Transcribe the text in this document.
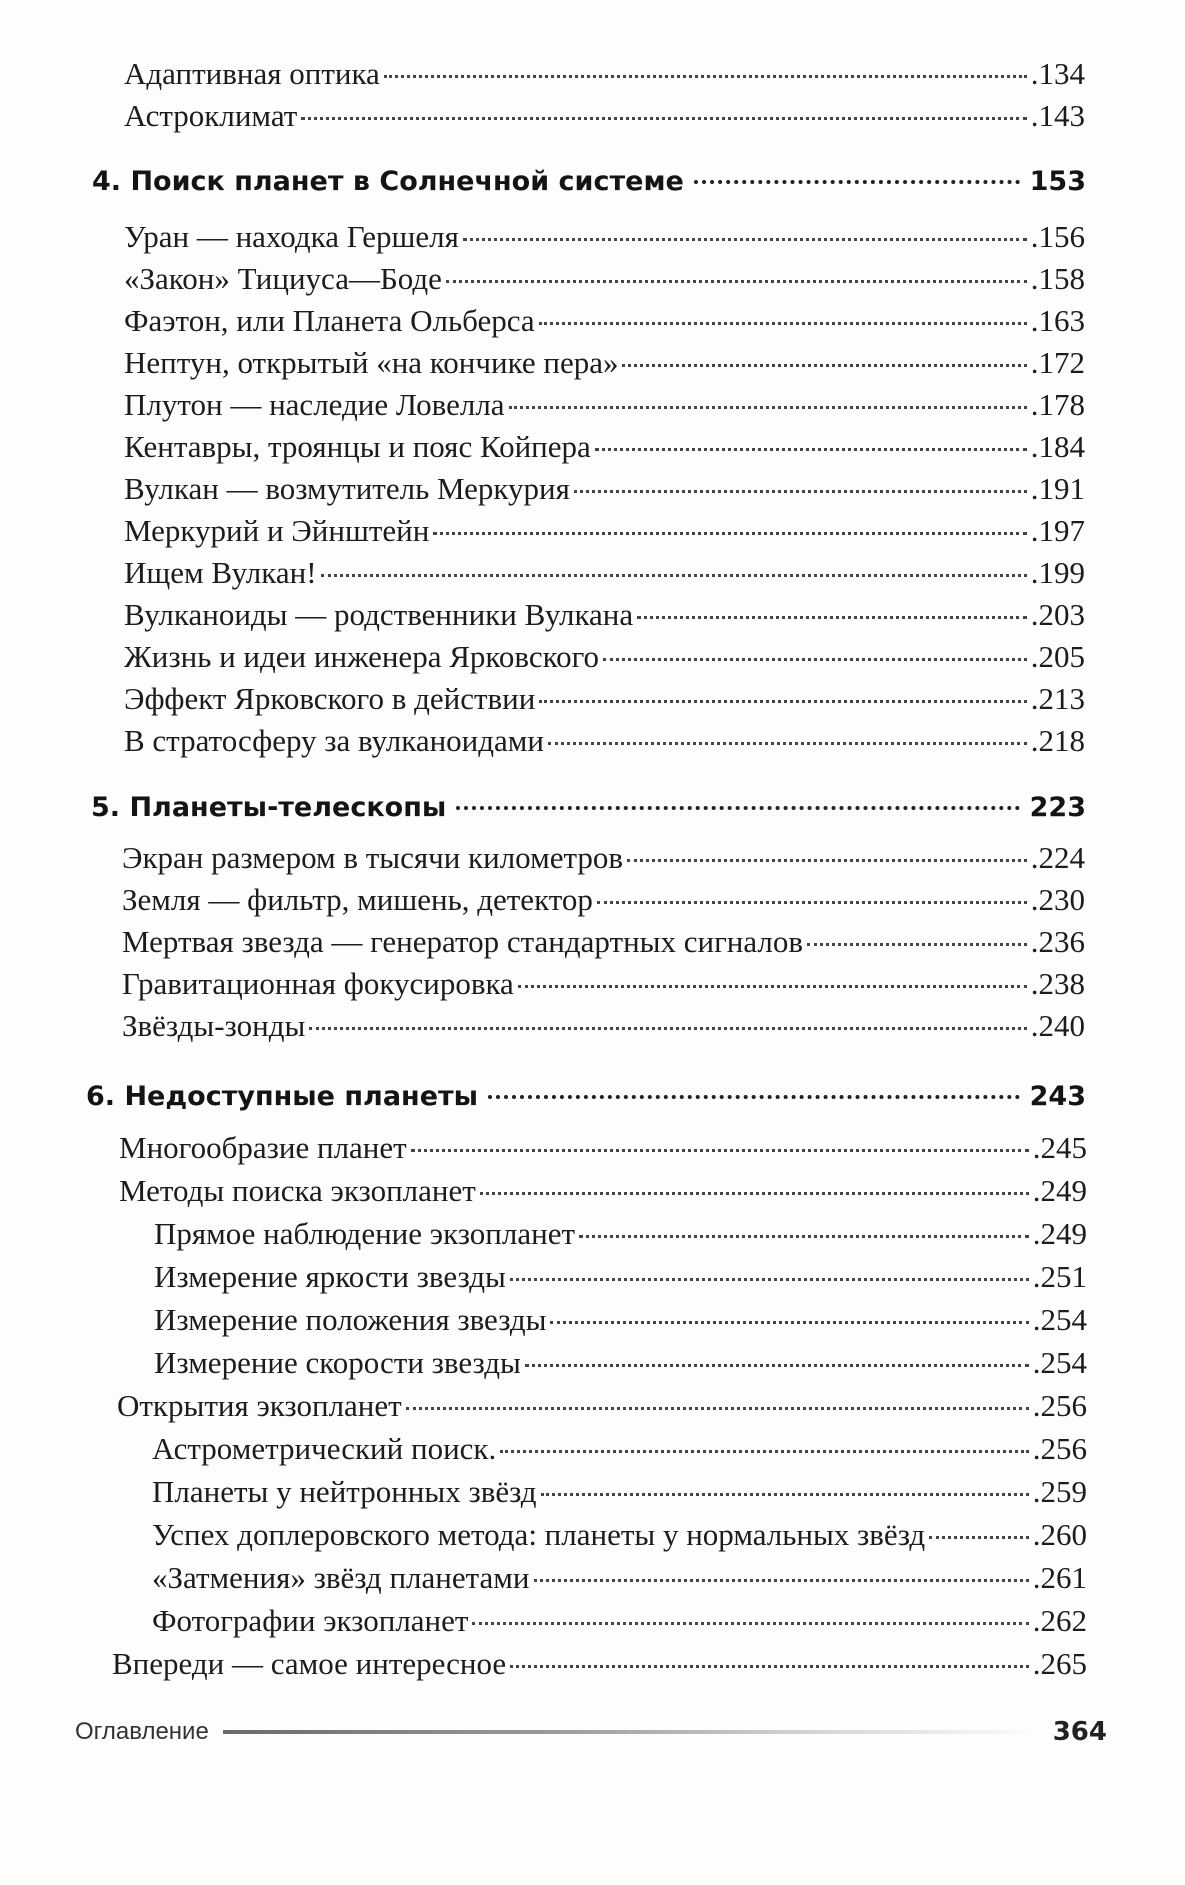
Адаптивная оптика	.134
Астроклимат	.143
4. Поиск планет в Солнечной системе	153
Уран — находка Гершеля	.156
«Закон» Тициуса—Боде	.158
Фаэтон, или Планета Ольберса	.163
Нептун, открытый «на кончике пера»	.172
Плутон — наследие Ловелла	.178
Кентавры, троянцы и пояс Койпера	.184
Вулкан — возмутитель Меркурия	.191
Меркурий и Эйнштейн	.197
Ищем Вулкан!	.199
Вулканоиды — родственники Вулкана	.203
Жизнь и идеи инженера Ярковского	.205
Эффект Ярковского в действии	.213
В стратосферу за вулканоидами	.218
5. Планеты-телескопы	223
Экран размером в тысячи километров	.224
Земля — фильтр, мишень, детектор	.230
Мертвая звезда — генератор стандартных сигналов	.236
Гравитационная фокусировка	.238
Звёзды-зонды	.240
6. Недоступные планеты	243
Многообразие планет	.245
Методы поиска экзопланет	.249
Прямое наблюдение экзопланет	.249
Измерение яркости звезды	.251
Измерение положения звезды	.254
Измерение скорости звезды	.254
Открытия экзопланет	.256
Астрометрический поиск.	.256
Планеты у нейтронных звёзд	.259
Успех доплеровского метода: планеты у нормальных звёзд	.260
«Затмения» звёзд планетами	.261
Фотографии экзопланет	.262
Впереди — самое интересное	.265
Оглавление	364
